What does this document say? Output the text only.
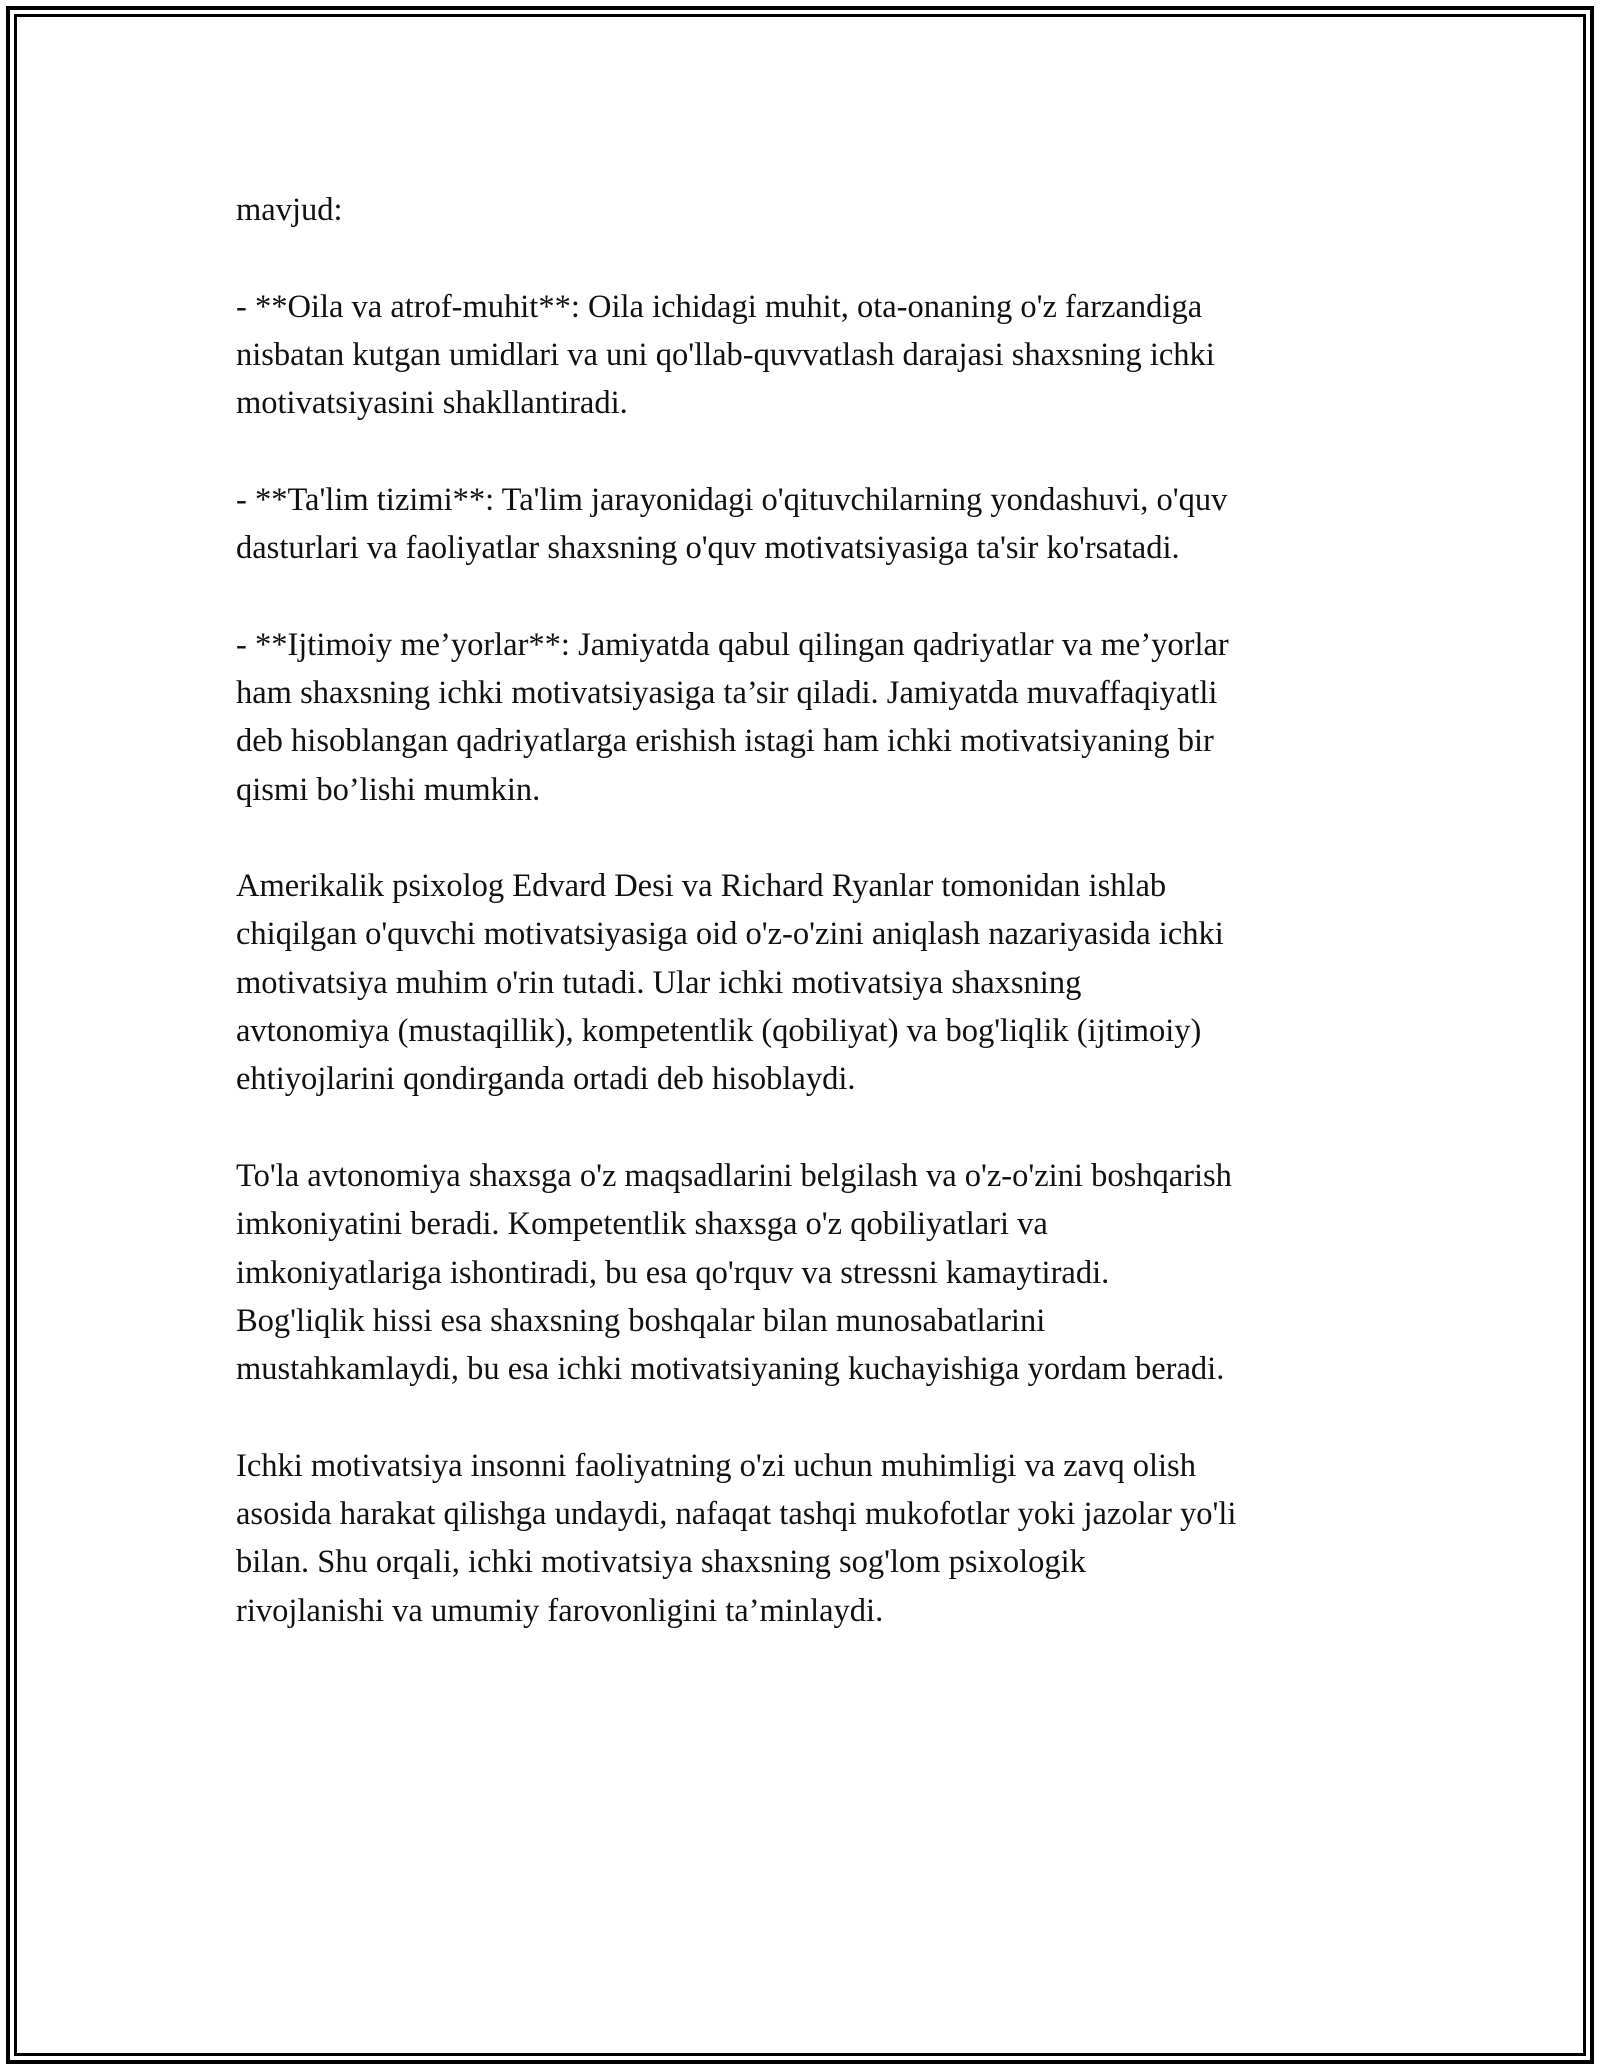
mavjud:

- **Oila va atrof-muhit**: Oila ichidagi muhit, ota-onaning o'z farzandiga
nisbatan kutgan umidlari va uni qo'llab-quvvatlash darajasi shaxsning ichki
motivatsiyasini shakllantiradi.

- **Ta'lim tizimi**: Ta'lim jarayonidagi o'qituvchilarning yondashuvi, o'quv
dasturlari va faoliyatlar shaxsning o'quv motivatsiyasiga ta'sir ko'rsatadi.

- **Ijtimoiy me’yorlar**: Jamiyatda qabul qilingan qadriyatlar va me’yorlar
ham shaxsning ichki motivatsiyasiga ta’sir qiladi. Jamiyatda muvaffaqiyatli
deb hisoblangan qadriyatlarga erishish istagi ham ichki motivatsiyaning bir
qismi bo’lishi mumkin.

Amerikalik psixolog Edvard Desi va Richard Ryanlar tomonidan ishlab
chiqilgan o'quvchi motivatsiyasiga oid o'z-o'zini aniqlash nazariyasida ichki
motivatsiya muhim o'rin tutadi. Ular ichki motivatsiya shaxsning
avtonomiya (mustaqillik), kompetentlik (qobiliyat) va bog'liqlik (ijtimoiy)
ehtiyojlarini qondirganda ortadi deb hisoblaydi.

To'la avtonomiya shaxsga o'z maqsadlarini belgilash va o'z-o'zini boshqarish
imkoniyatini beradi. Kompetentlik shaxsga o'z qobiliyatlari va
imkoniyatlariga ishontiradi, bu esa qo'rquv va stressni kamaytiradi.
Bog'liqlik hissi esa shaxsning boshqalar bilan munosabatlarini
mustahkamlaydi, bu esa ichki motivatsiyaning kuchayishiga yordam beradi.

Ichki motivatsiya insonni faoliyatning o'zi uchun muhimligi va zavq olish
asosida harakat qilishga undaydi, nafaqat tashqi mukofotlar yoki jazolar yo'li
bilan. Shu orqali, ichki motivatsiya shaxsning sog'lom psixologik
rivojlanishi va umumiy farovonligini ta’minlaydi.
